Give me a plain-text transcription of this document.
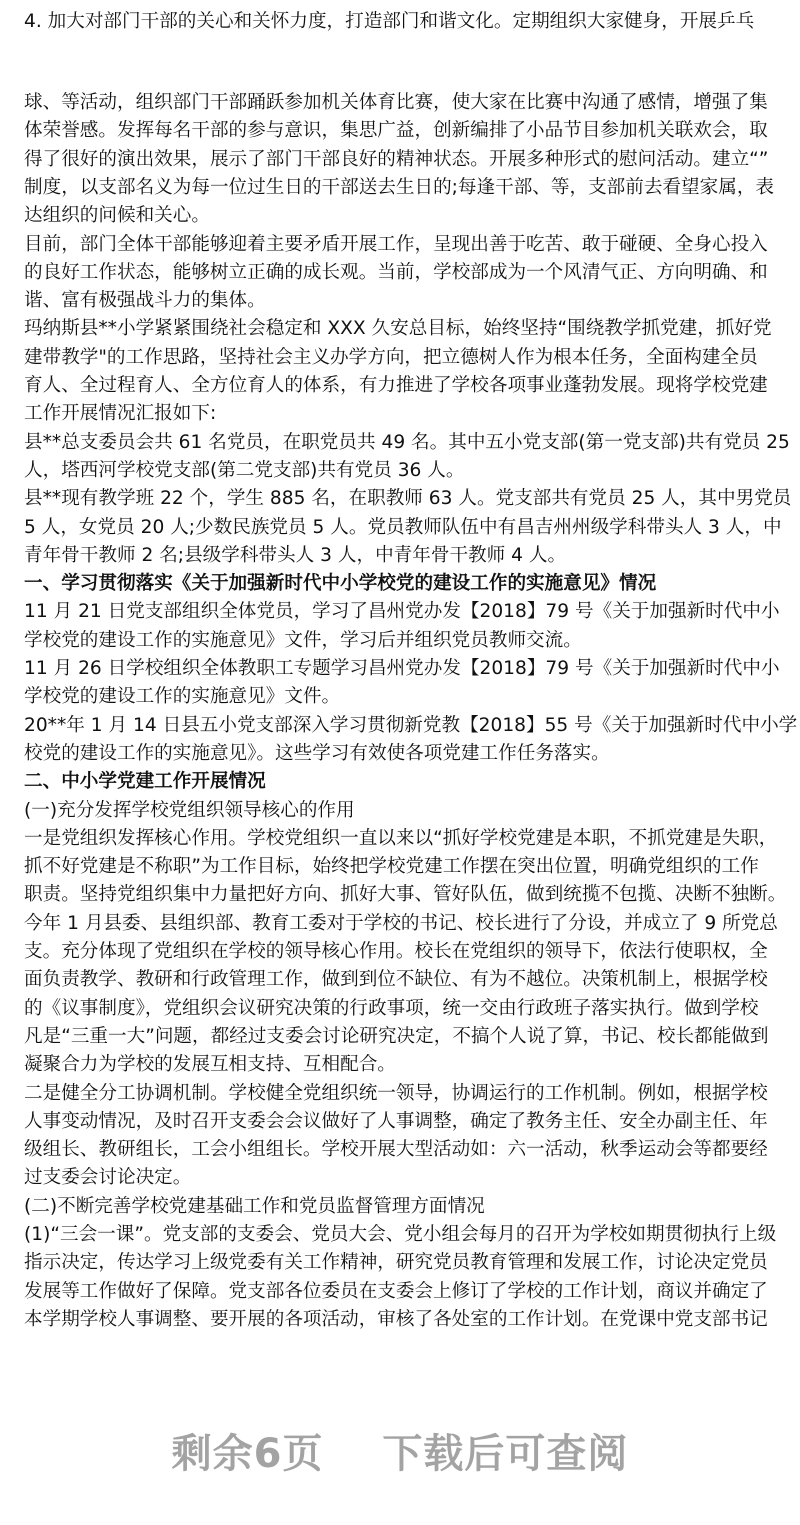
4. 加大对部门干部的关心和关怀力度，打造部门和谐文化。定期组织大家健身，开展乒乓
球、等活动，组织部门干部踊跃参加机关体育比赛，使大家在比赛中沟通了感情，增强了集
体荣誉感。发挥每名干部的参与意识，集思广益，创新编排了小品节目参加机关联欢会，取
得了很好的演出效果，展示了部门干部良好的精神状态。开展多种形式的慰问活动。建立“”
制度，以支部名义为每一位过生日的干部送去生日的;每逢干部、等，支部前去看望家属，表
达组织的问候和关心。
目前，部门全体干部能够迎着主要矛盾开展工作，呈现出善于吃苦、敢于碰硬、全身心投入
的良好工作状态，能够树立正确的成长观。当前，学校部成为一个风清气正、方向明确、和
谐、富有极强战斗力的集体。
玛纳斯县**小学紧紧围绕社会稳定和 XXX 久安总目标，始终坚持“围绕教学抓党建，抓好党
建带教学"的工作思路，坚持社会主义办学方向，把立德树人作为根本任务，全面构建全员
育人、全过程育人、全方位育人的体系，有力推进了学校各项事业蓬勃发展。现将学校党建
工作开展情况汇报如下:
县**总支委员会共 61 名党员，在职党员共 49 名。其中五小党支部(第一党支部)共有党员 25
人，塔西河学校党支部(第二党支部)共有党员 36 人。
县**现有教学班 22 个，学生 885 名，在职教师 63 人。党支部共有党员 25 人，其中男党员
5 人，女党员 20 人;少数民族党员 5 人。党员教师队伍中有昌吉州州级学科带头人 3 人，中
青年骨干教师 2 名;县级学科带头人 3 人，中青年骨干教师 4 人。
一、学习贯彻落实《关于加强新时代中小学校党的建设工作的实施意见》情况
11 月 21 日党支部组织全体党员，学习了昌州党办发【2018】79 号《关于加强新时代中小
学校党的建设工作的实施意见》文件，学习后并组织党员教师交流。
11 月 26 日学校组织全体教职工专题学习昌州党办发【2018】79 号《关于加强新时代中小
学校党的建设工作的实施意见》文件。
20**年 1 月 14 日县五小党支部深入学习贯彻新党教【2018】55 号《关于加强新时代中小学
校党的建设工作的实施意见》。这些学习有效使各项党建工作任务落实。
二、中小学党建工作开展情况
(一)充分发挥学校党组织领导核心的作用
一是党组织发挥核心作用。学校党组织一直以来以“抓好学校党建是本职，不抓党建是失职，
抓不好党建是不称职”为工作目标，始终把学校党建工作摆在突出位置，明确党组织的工作
职责。坚持党组织集中力量把好方向、抓好大事、管好队伍，做到统揽不包揽、决断不独断。
今年 1 月县委、县组织部、教育工委对于学校的书记、校长进行了分设，并成立了 9 所党总
支。充分体现了党组织在学校的领导核心作用。校长在党组织的领导下，依法行使职权，全
面负责教学、教研和行政管理工作，做到到位不缺位、有为不越位。决策机制上，根据学校
的《议事制度》，党组织会议研究决策的行政事项，统一交由行政班子落实执行。做到学校
凡是“三重一大”问题，都经过支委会讨论研究决定，不搞个人说了算，书记、校长都能做到
凝聚合力为学校的发展互相支持、互相配合。
二是健全分工协调机制。学校健全党组织统一领导，协调运行的工作机制。例如，根据学校
人事变动情况，及时召开支委会会议做好了人事调整，确定了教务主任、安全办副主任、年
级组长、教研组长，工会小组组长。学校开展大型活动如：六一活动，秋季运动会等都要经
过支委会讨论决定。
(二)不断完善学校党建基础工作和党员监督管理方面情况
(1)“三会一课”。党支部的支委会、党员大会、党小组会每月的召开为学校如期贯彻执行上级
指示决定，传达学习上级党委有关工作精神，研究党员教育管理和发展工作，讨论决定党员
发展等工作做好了保障。党支部各位委员在支委会上修订了学校的工作计划，商议并确定了
本学期学校人事调整、要开展的各项活动，审核了各处室的工作计划。在党课中党支部书记
剩余6页 下载后可查阅
